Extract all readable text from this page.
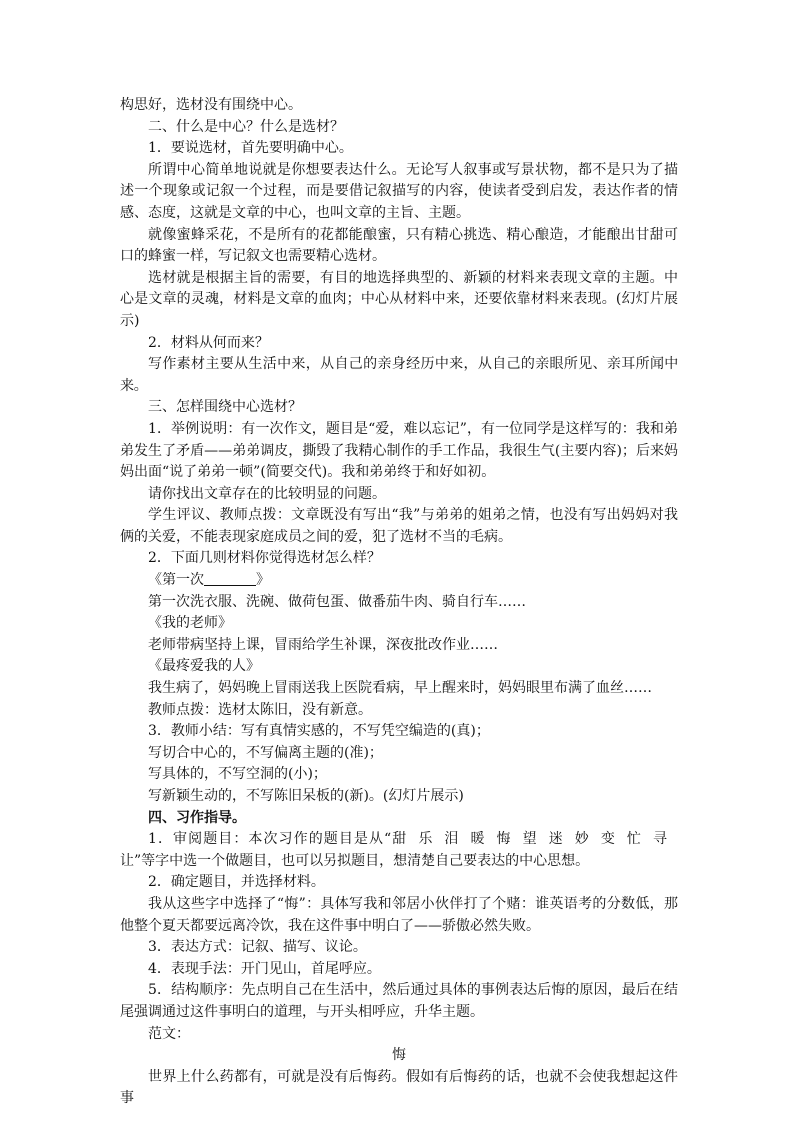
构思好，选材没有围绕中心。

二、什么是中心？什么是选材？

1．要说选材，首先要明确中心。

所谓中心简单地说就是你想要表达什么。无论写人叙事或写景状物，都不是只为了描述一个现象或记叙一个过程，而是要借记叙描写的内容，使读者受到启发，表达作者的情感、态度，这就是文章的中心，也叫文章的主旨、主题。

就像蜜蜂采花，不是所有的花都能酿蜜，只有精心挑选、精心酿造，才能酿出甘甜可口的蜂蜜一样，写记叙文也需要精心选材。

选材就是根据主旨的需要，有目的地选择典型的、新颖的材料来表现文章的主题。中心是文章的灵魂，材料是文章的血肉；中心从材料中来，还要依靠材料来表现。(幻灯片展示)

2．材料从何而来？

写作素材主要从生活中来，从自己的亲身经历中来，从自己的亲眼所见、亲耳所闻中来。

三、怎样围绕中心选材？

1．举例说明：有一次作文，题目是“爱，难以忘记”，有一位同学是这样写的：我和弟弟发生了矛盾——弟弟调皮，撕毁了我精心制作的手工作品，我很生气(主要内容)；后来妈妈出面“说了弟弟一顿”(简要交代)。我和弟弟终于和好如初。

请你找出文章存在的比较明显的问题。

学生评议、教师点拨：文章既没有写出“我”与弟弟的姐弟之情，也没有写出妈妈对我俩的关爱，不能表现家庭成员之间的爱，犯了选材不当的毛病。

2．下面几则材料你觉得选材怎么样？

《第一次	》

第一次洗衣服、洗碗、做荷包蛋、做番茄牛肉、骑自行车……

《我的老师》

老师带病坚持上课，冒雨给学生补课，深夜批改作业……

《最疼爱我的人》

我生病了，妈妈晚上冒雨送我上医院看病，早上醒来时，妈妈眼里布满了血丝……

教师点拨：选材太陈旧，没有新意。

3．教师小结：写有真情实感的，不写凭空编造的(真)；

写切合中心的，不写偏离主题的(准)；

写具体的，不写空洞的(小)；

写新颖生动的，不写陈旧呆板的(新)。(幻灯片展示)

四、习作指导。

1．审阅题目：本次习作的题目是从“甜乐泪暖悔望迷妙变忙寻让”等字中选一个做题目，也可以另拟题目，想清楚自己要表达的中心思想。

2．确定题目，并选择材料。

我从这些字中选择了“悔”：具体写我和邻居小伙伴打了个赌：谁英语考的分数低，那他整个夏天都要远离冷饮，我在这件事中明白了——骄傲必然失败。

3．表达方式：记叙、描写、议论。

4．表现手法：开门见山，首尾呼应。

5．结构顺序：先点明自己在生活中，然后通过具体的事例表达后悔的原因，最后在结尾强调通过这件事明白的道理，与开头相呼应，升华主题。

范文：

悔

世界上什么药都有，可就是没有后悔药。假如有后悔药的话，也就不会使我想起这件事
